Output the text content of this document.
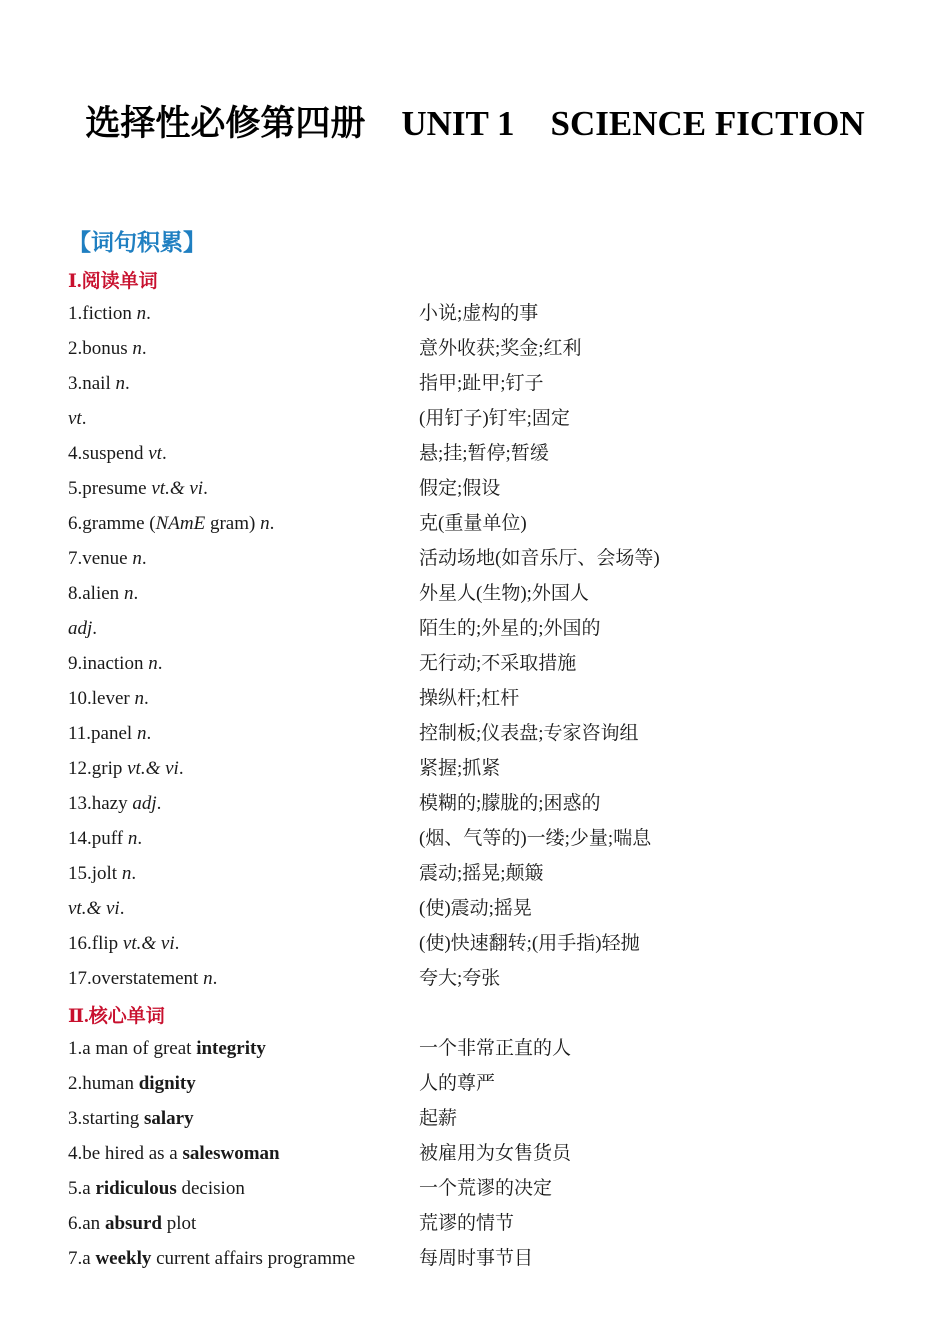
选择性必修第四册 UNIT 1 SCIENCE FICTION
【词句积累】
Ⅰ.阅读单词
1.fiction n.	小说;虚构的事
2.bonus n.	意外收获;奖金;红利
3.nail n.	指甲;趾甲;钉子
vt.	(用钉子)钉牢;固定
4.suspend vt.	悬;挂;暂停;暂缓
5.presume vt.& vi.	假定;假设
6.gramme (NAmE gram) n.	克(重量单位)
7.venue n.	活动场地(如音乐厅、会场等)
8.alien n.	外星人(生物);外国人
adj.	陌生的;外星的;外国的
9.inaction n.	无行动;不采取措施
10.lever n.	操纵杆;杠杆
11.panel n.	控制板;仪表盘;专家咨询组
12.grip vt.& vi.	紧握;抓紧
13.hazy adj.	模糊的;朦胧的;困惑的
14.puff n.	(烟、气等的)一缕;少量;喘息
15.jolt n.	震动;摇晃;颠簸
vt.& vi.	(使)震动;摇晃
16.flip vt.& vi.	(使)快速翻转;(用手指)轻抛
17.overstatement n.	夸大;夸张
Ⅱ.核心单词
1.a man of great integrity	一个非常正直的人
2.human dignity	人的尊严
3.starting salary	起薪
4.be hired as a saleswoman	被雇用为女售货员
5.a ridiculous decision	一个荒谬的决定
6.an absurd plot	荒谬的情节
7.a weekly current affairs programme	每周时事节目
